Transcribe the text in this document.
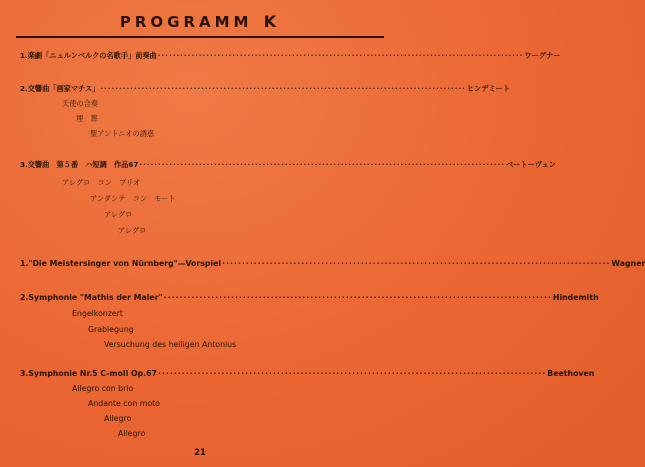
PROGRAMM K
1. 楽劇「ニュルンベルクの名歌手」前奏曲 ·································································································· ワーグナー
2. 交響曲「画家マチス」 ·································································································· ヒンデミート
天使の合奏
埋　葬
聖アントニオの誘惑
3. 交響曲　第５番　ハ短調　作品67 ·································································································· ベートーヴェン
アレグロ　コン　ブリオ
アンダンテ　コン　モート
アレグロ
アレグロ
1. "Die Meistersinger von Nürnberg"—Vorspiel ·································································································· Wagner
2. Symphonie "Mathis der Maler" ·································································································· Hindemith
Engelkonzert
Grablegung
Versuchung des heiligen Antonius
3. Symphonie Nr.5 C-moll Op.67 ·································································································· Beethoven
Allegro con brio
Andante con moto
Allegro
Allegro
21
